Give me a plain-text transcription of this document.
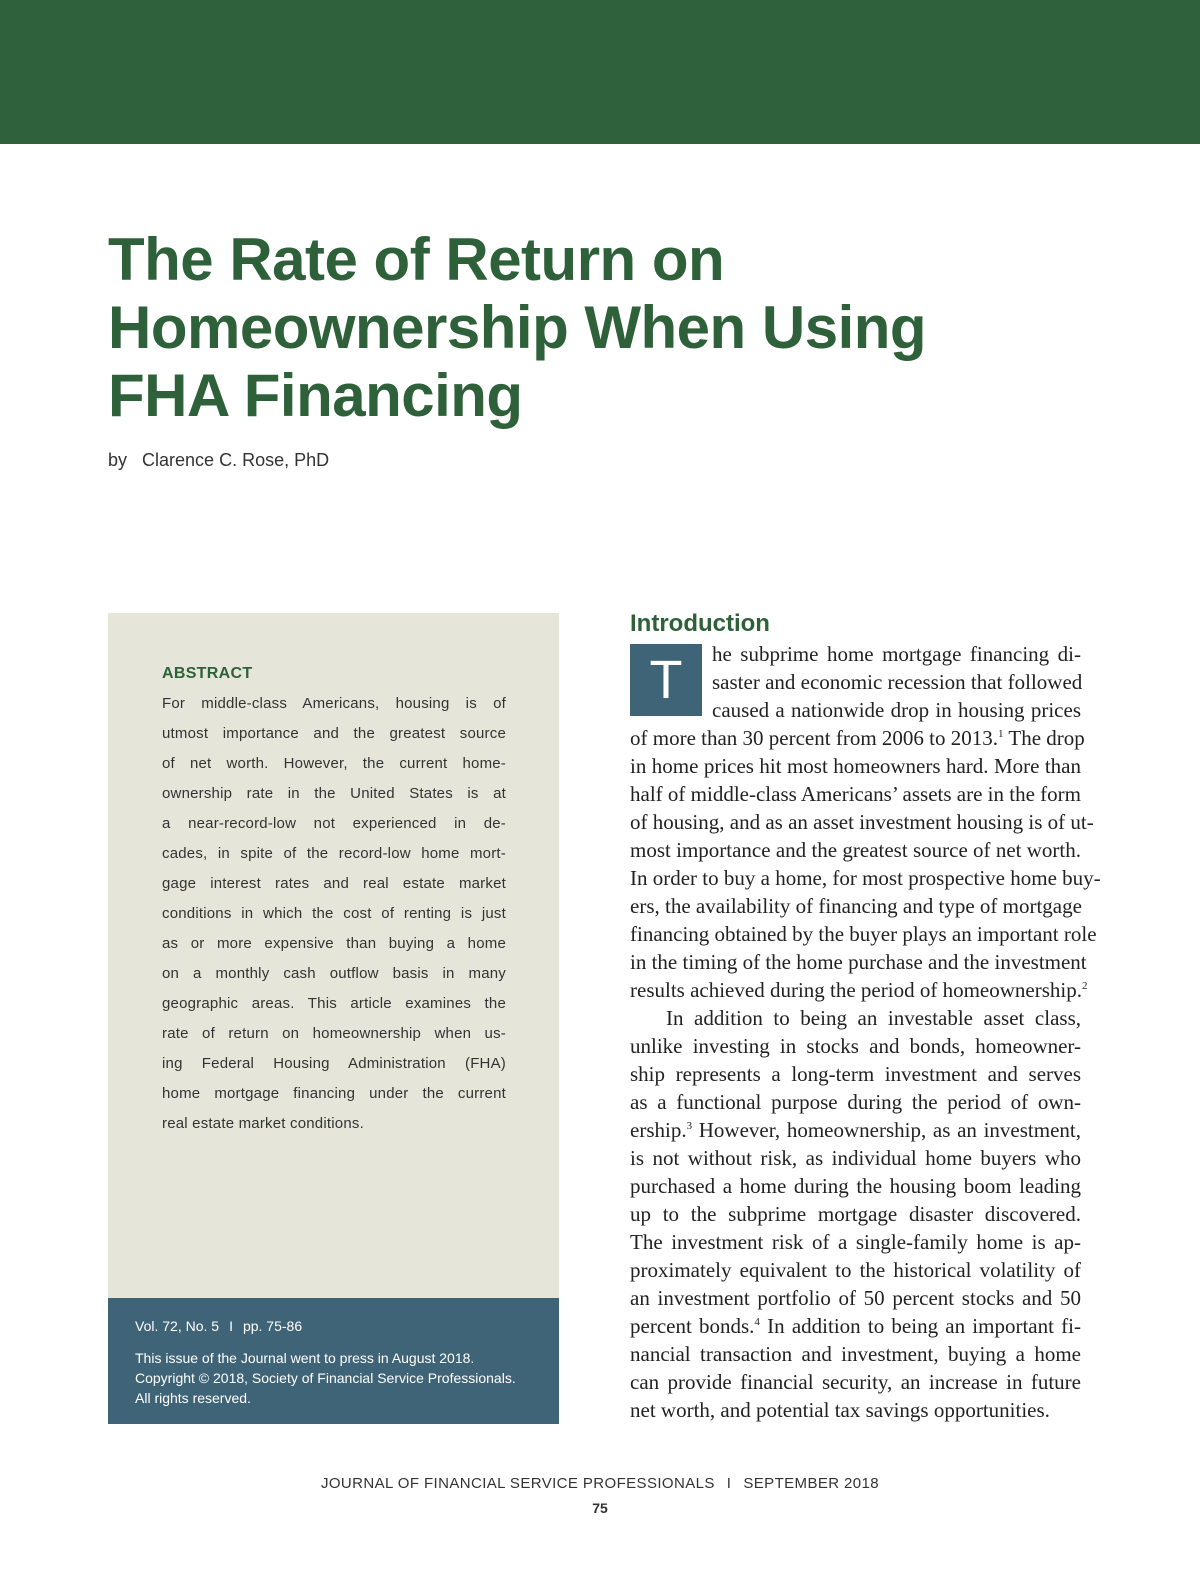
The Rate of Return on
Homeownership When Using
FHA Financing
by Clarence C. Rose, PhD
ABSTRACT
For middle-class Americans, housing is of
utmost importance and the greatest source
of net worth. However, the current home-
ownership rate in the United States is at
a near-record-low not experienced in de-
cades, in spite of the record-low home mort-
gage interest rates and real estate market
conditions in which the cost of renting is just
as or more expensive than buying a home
on a monthly cash outflow basis in many
geographic areas. This article examines the
rate of return on homeownership when us-
ing Federal Housing Administration (FHA)
home mortgage financing under the current
real estate market conditions.
Vol. 72, No. 5 I pp. 75-86
This issue of the Journal went to press in August 2018.
Copyright © 2018, Society of Financial Service Professionals.
All rights reserved.
Introduction
T	he subprime home mortgage financing di-
saster and economic recession that followed
caused a nationwide drop in housing prices
of more than 30 percent from 2006 to 2013.$^1$ The drop
in home prices hit most homeowners hard. More than
half of middle-class Americans’ assets are in the form
of housing, and as an asset investment housing is of ut-
most importance and the greatest source of net worth.
In order to buy a home, for most prospective home buy-
ers, the availability of financing and type of mortgage
financing obtained by the buyer plays an important role
in the timing of the home purchase and the investment
results achieved during the period of homeownership.$^2$
In addition to being an investable asset class,
unlike investing in stocks and bonds, homeowner-
ship represents a long-term investment and serves
as a functional purpose during the period of own-
ership.$^3$ However, homeownership, as an investment,
is not without risk, as individual home buyers who
purchased a home during the housing boom leading
up to the subprime mortgage disaster discovered.
The investment risk of a single-family home is ap-
proximately equivalent to the historical volatility of
an investment portfolio of 50 percent stocks and 50
percent bonds.$^4$ In addition to being an important fi-
nancial transaction and investment, buying a home
can provide financial security, an increase in future
net worth, and potential tax savings opportunities.
JOURNAL OF FINANCIAL SERVICE PROFESSIONALS I SEPTEMBER 2018
75
